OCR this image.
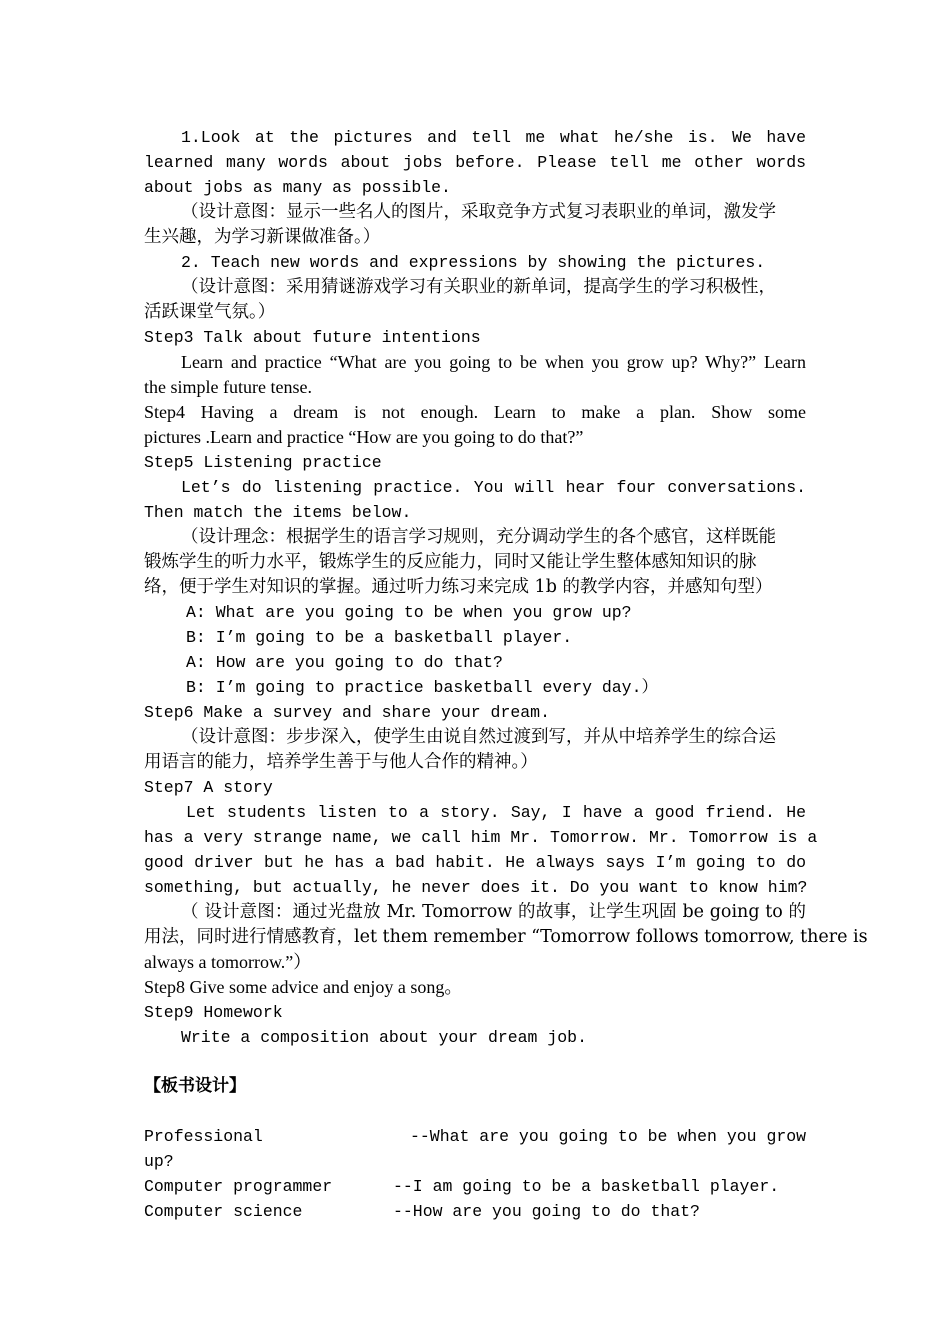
1.Look at the pictures and tell me what he/she is. We have
learned many words about jobs before. Please tell me other words
about jobs as many as possible.
（设计意图：显示一些名人的图片，采取竞争方式复习表职业的单词，激发学
生兴趣，为学习新课做准备。）
2. Teach new words and expressions by showing the pictures.
（设计意图：采用猜谜游戏学习有关职业的新单词，提高学生的学习积极性，
活跃课堂气氛。）
Step3 Talk about future intentions
Learn and practice “What are you going to be when you grow up? Why?” Learn
the simple future tense.
Step4 Having a dream is not enough. Learn to make a plan. Show some
pictures .Learn and practice “How are you going to do that?”
Step5 Listening practice
Let’s do listening practice. You will hear four conversations.
Then match the items below.
（设计理念：根据学生的语言学习规则，充分调动学生的各个感官，这样既能
锻炼学生的听力水平，锻炼学生的反应能力，同时又能让学生整体感知知识的脉
络，便于学生对知识的掌握。通过听力练习来完成 1b 的教学内容，并感知句型）
A: What are you going to be when you grow up?
B: I’m going to be a basketball player.
A: How are you going to do that?
B: I’m going to practice basketball every day.）
Step6 Make a survey and share your dream.
（设计意图：步步深入，使学生由说自然过渡到写，并从中培养学生的综合运
用语言的能力，培养学生善于与他人合作的精神。）
Step7 A story
Let students listen to a story. Say, I have a good friend. He
has a very strange name, we call him Mr. Tomorrow. Mr. Tomorrow is a
good driver but he has a bad habit. He always says I’m going to do
something, but actually, he never does it. Do you want to know him?
（ 设计意图：通过光盘放 Mr. Tomorrow 的故事，让学生巩固 be going to 的
用法，同时进行情感教育，let them remember “Tomorrow follows tomorrow, there is
always a tomorrow.”）
Step8 Give some advice and enjoy a song。
Step9 Homework
Write a composition about your dream job.
【板书设计】
Professional	--What are you going to be when you grow
up?
Computer programmer	--I am going to be a basketball player.
Computer science	--How are you going to do that?
